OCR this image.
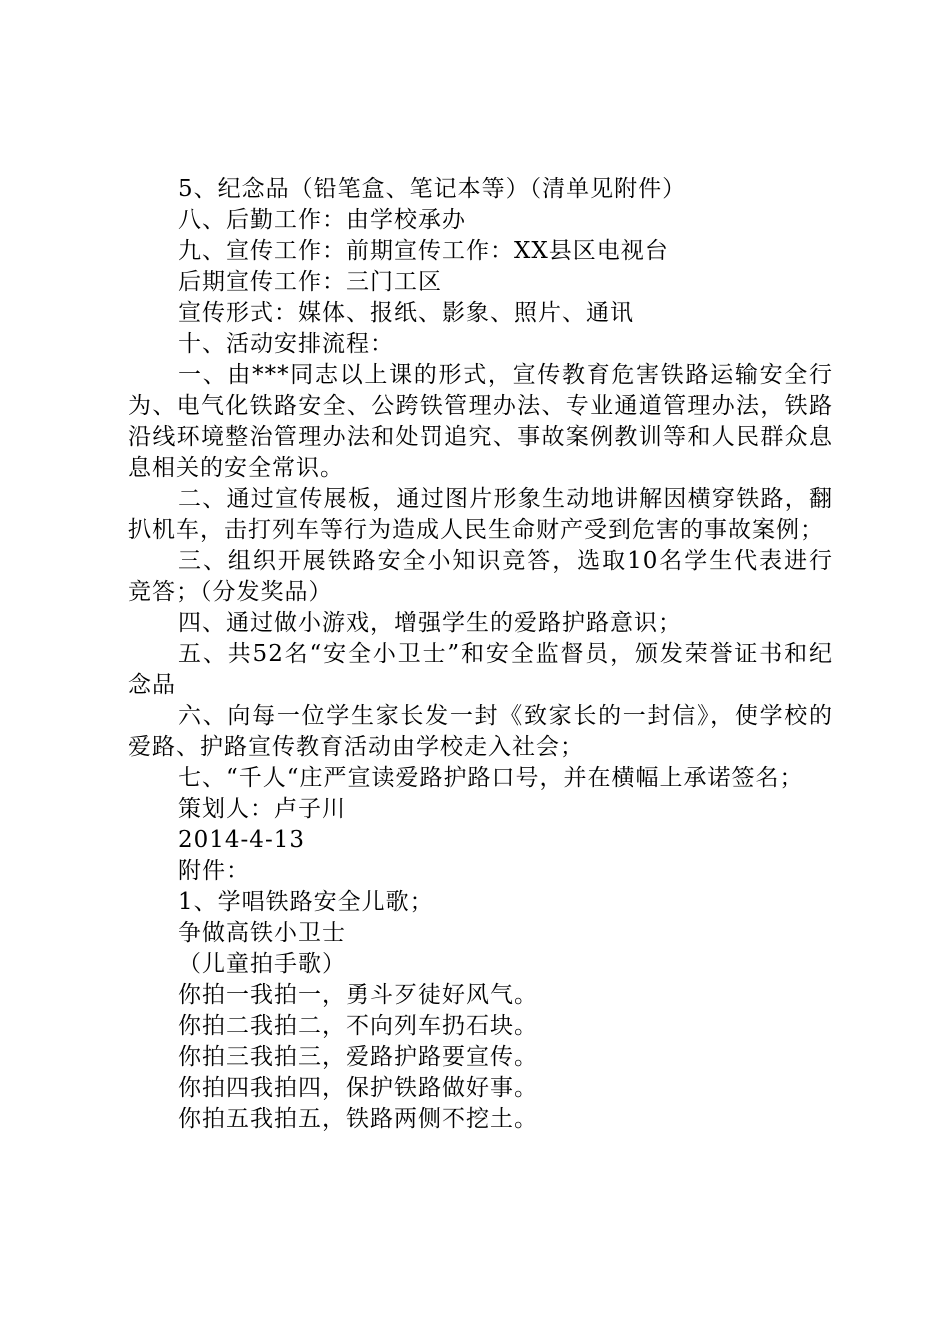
5、纪念品（铅笔盒、笔记本等）（清单见附件）

八、后勤工作：由学校承办

九、宣传工作：前期宣传工作：XX县区电视台

后期宣传工作：三门工区

宣传形式：媒体、报纸、影象、照片、通讯

十、活动安排流程：

一、由***同志以上课的形式，宣传教育危害铁路运输安全行为、电气化铁路安全、公跨铁管理办法、专业通道管理办法，铁路沿线环境整治管理办法和处罚追究、事故案例教训等和人民群众息息相关的安全常识。

二、通过宣传展板，通过图片形象生动地讲解因横穿铁路，翻扒机车，击打列车等行为造成人民生命财产受到危害的事故案例；

三、组织开展铁路安全小知识竞答，选取10名学生代表进行竞答；（分发奖品）

四、通过做小游戏，增强学生的爱路护路意识；

五、共52名“安全小卫士”和安全监督员，颁发荣誉证书和纪念品

六、向每一位学生家长发一封《致家长的一封信》，使学校的爱路、护路宣传教育活动由学校走入社会；

七、“千人“庄严宣读爱路护路口号，并在横幅上承诺签名；

策划人：卢子川

2014-4-13

附件：

1、学唱铁路安全儿歌；

争做高铁小卫士

（儿童拍手歌）

你拍一我拍一，勇斗歹徒好风气。

你拍二我拍二，不向列车扔石块。

你拍三我拍三，爱路护路要宣传。

你拍四我拍四，保护铁路做好事。

你拍五我拍五，铁路两侧不挖土。
